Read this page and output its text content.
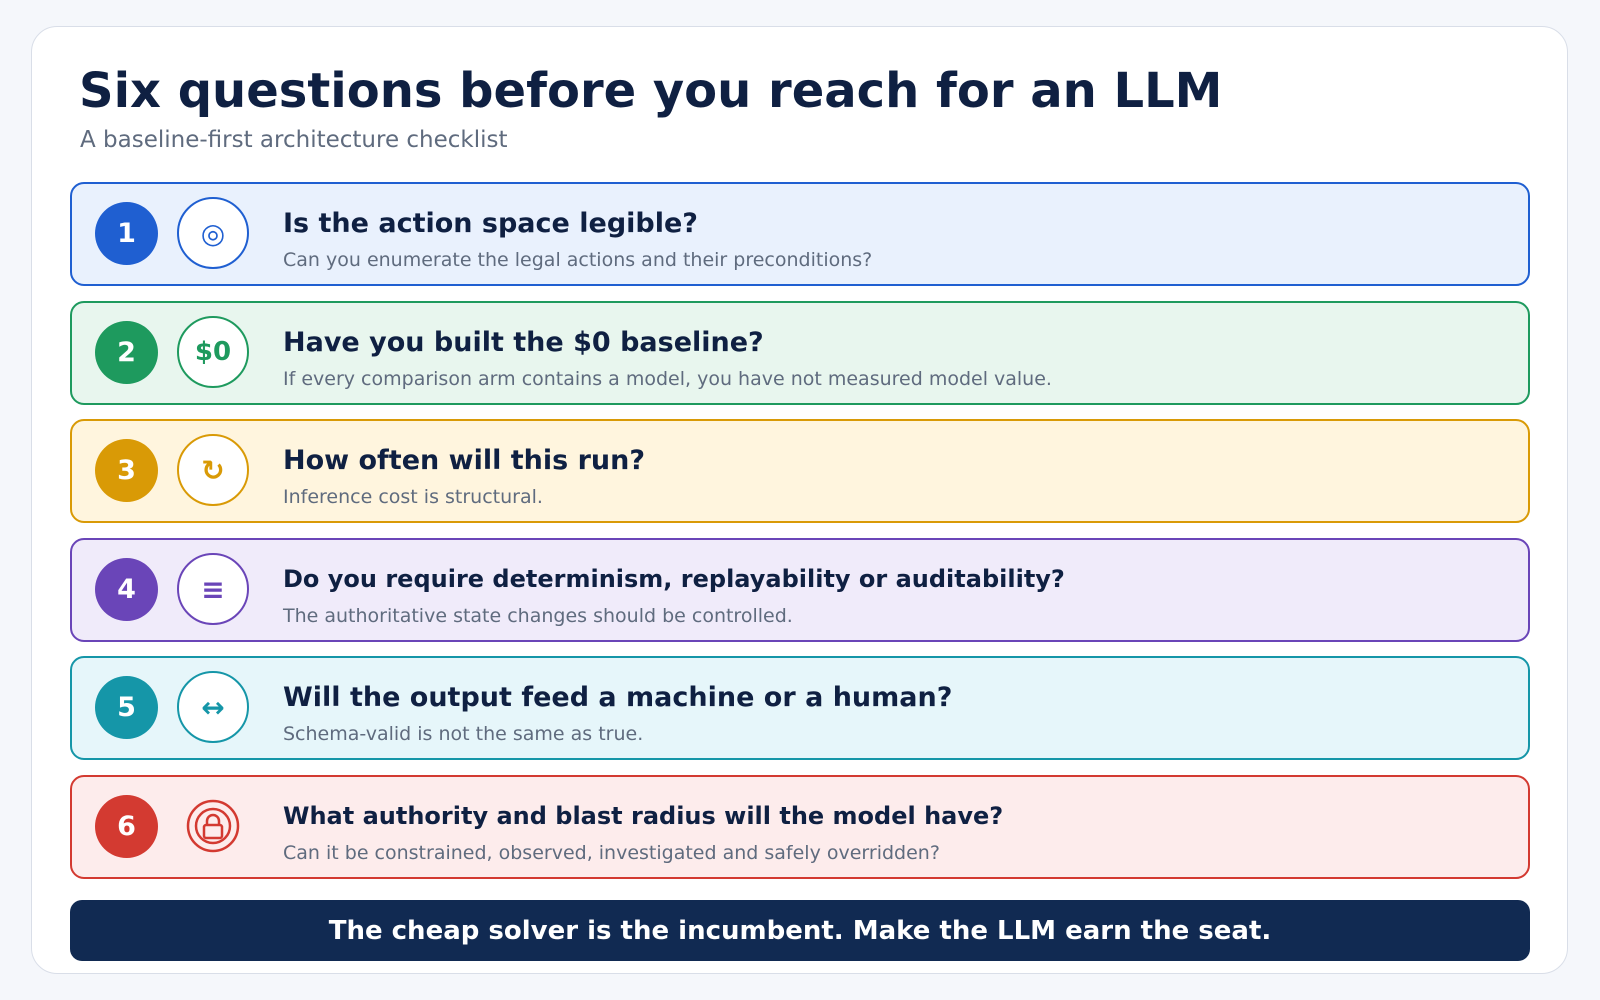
Six questions before you reach for an LLM
A baseline-first architecture checklist
1	◎ Is the action space legible?
Can you enumerate the legal actions and their preconditions?
2	$0 Have you built the $0 baseline?
If every comparison arm contains a model, you have not measured model value.
3	↻ How often will this run?
Inference cost is structural.
4	≡ Do you require determinism, replayability or auditability?
The authoritative state changes should be controlled.
5	↔ Will the output feed a machine or a human?
Schema-valid is not the same as true.
6	What authority and blast radius will the model have?
Can it be constrained, observed, investigated and safely overridden?
The cheap solver is the incumbent. Make the LLM earn the seat.
